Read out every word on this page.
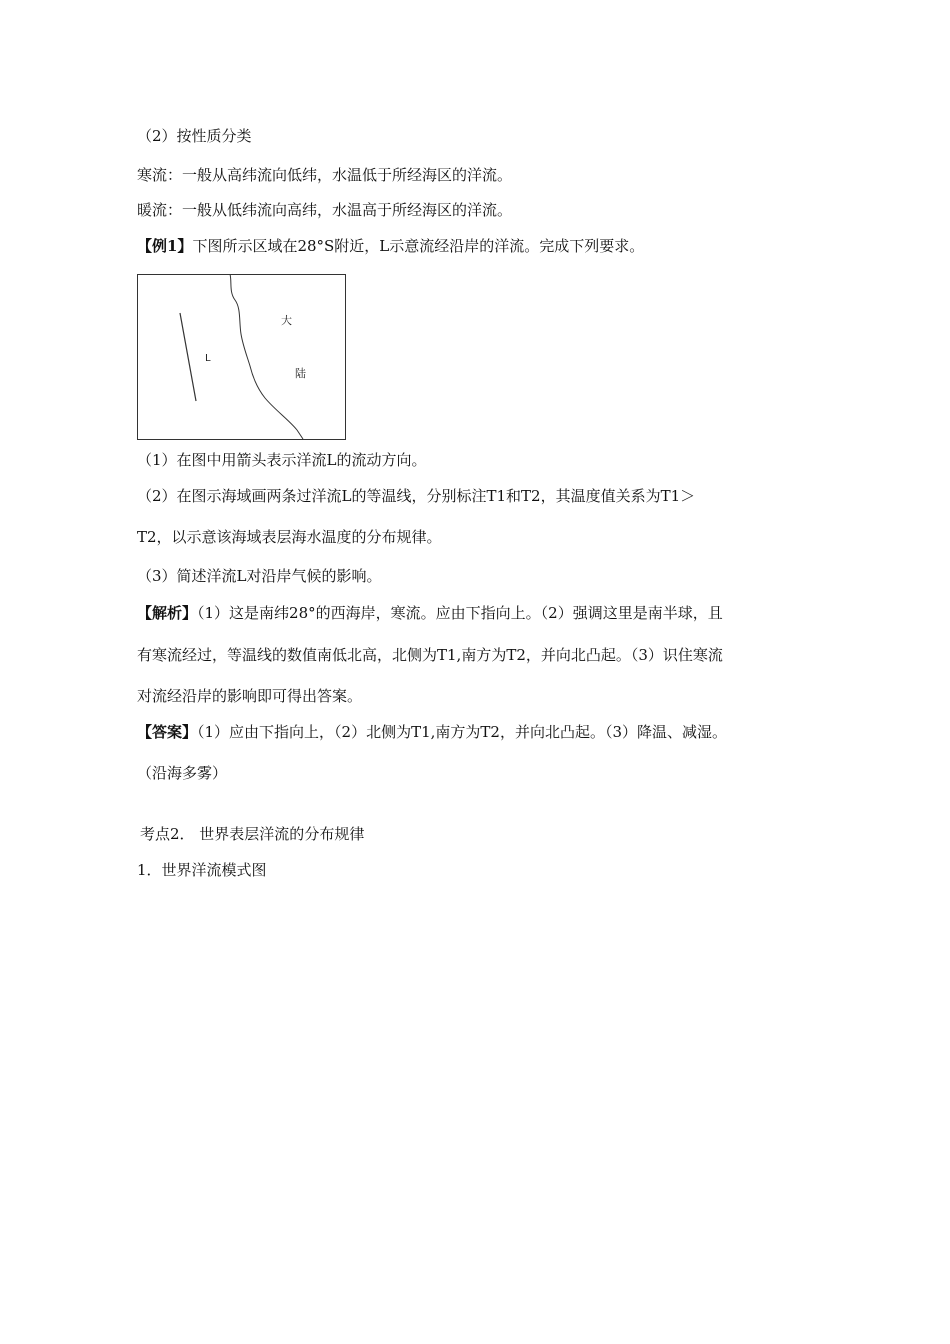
（2）按性质分类
寒流：一般从高纬流向低纬，水温低于所经海区的洋流。
暖流：一般从低纬流向高纬，水温高于所经海区的洋流。
【例1】下图所示区域在28°S附近，L示意流经沿岸的洋流。完成下列要求。
L
大
陆
（1）在图中用箭头表示洋流L的流动方向。
（2）在图示海域画两条过洋流L的等温线，分别标注T1和T2，其温度值关系为T1＞
T2，以示意该海域表层海水温度的分布规律。
（3）简述洋流L对沿岸气候的影响。
【解析】（1）这是南纬28°的西海岸，寒流。应由下指向上。（2）强调这里是南半球，且
有寒流经过，等温线的数值南低北高，北侧为T1,南方为T2，并向北凸起。（3）识住寒流
对流经沿岸的影响即可得出答案。
【答案】（1）应由下指向上，（2）北侧为T1,南方为T2，并向北凸起。（3）降温、减湿。
（沿海多雾）
考点2． 世界表层洋流的分布规律
1．世界洋流模式图
